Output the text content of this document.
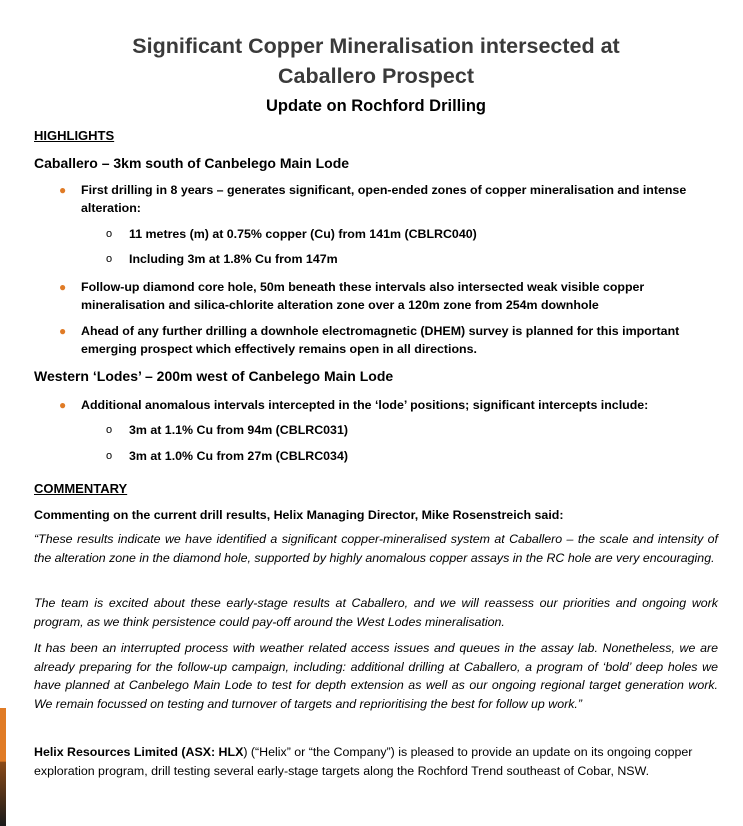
Significant Copper Mineralisation intersected at
Caballero Prospect
Update on Rochford Drilling
HIGHLIGHTS
Caballero – 3km south of Canbelego Main Lode
● First drilling in 8 years – generates significant, open-ended zones of copper mineralisation and intense alteration:
o 11 metres (m) at 0.75% copper (Cu) from 141m (CBLRC040)
o Including 3m at 1.8% Cu from 147m
● Follow-up diamond core hole, 50m beneath these intervals also intersected weak visible copper mineralisation and silica-chlorite alteration zone over a 120m zone from 254m downhole
● Ahead of any further drilling a downhole electromagnetic (DHEM) survey is planned for this important emerging prospect which effectively remains open in all directions.
Western ‘Lodes’ – 200m west of Canbelego Main Lode
● Additional anomalous intervals intercepted in the ‘lode’ positions; significant intercepts include:
o 3m at 1.1% Cu from 94m (CBLRC031)
o 3m at 1.0% Cu from 27m (CBLRC034)
COMMENTARY

Commenting on the current drill results, Helix Managing Director, Mike Rosenstreich said:

“These results indicate we have identified a significant copper-mineralised system at Caballero – the scale and intensity of the alteration zone in the diamond hole, supported by highly anomalous copper assays in the RC hole are very encouraging.

The team is excited about these early-stage results at Caballero, and we will reassess our priorities and ongoing work program, as we think persistence could pay-off around the West Lodes mineralisation.

It has been an interrupted process with weather related access issues and queues in the assay lab. Nonetheless, we are already preparing for the follow-up campaign, including: additional drilling at Caballero, a program of ‘bold’ deep holes we have planned at Canbelego Main Lode to test for depth extension as well as our ongoing regional target generation work. We remain focussed on testing and turnover of targets and reprioritising the best for follow up work.”

Helix Resources Limited (ASX: HLX) (“Helix” or “the Company”) is pleased to provide an update on its ongoing copper exploration program, drill testing several early-stage targets along the Rochford Trend southeast of Cobar, NSW.
